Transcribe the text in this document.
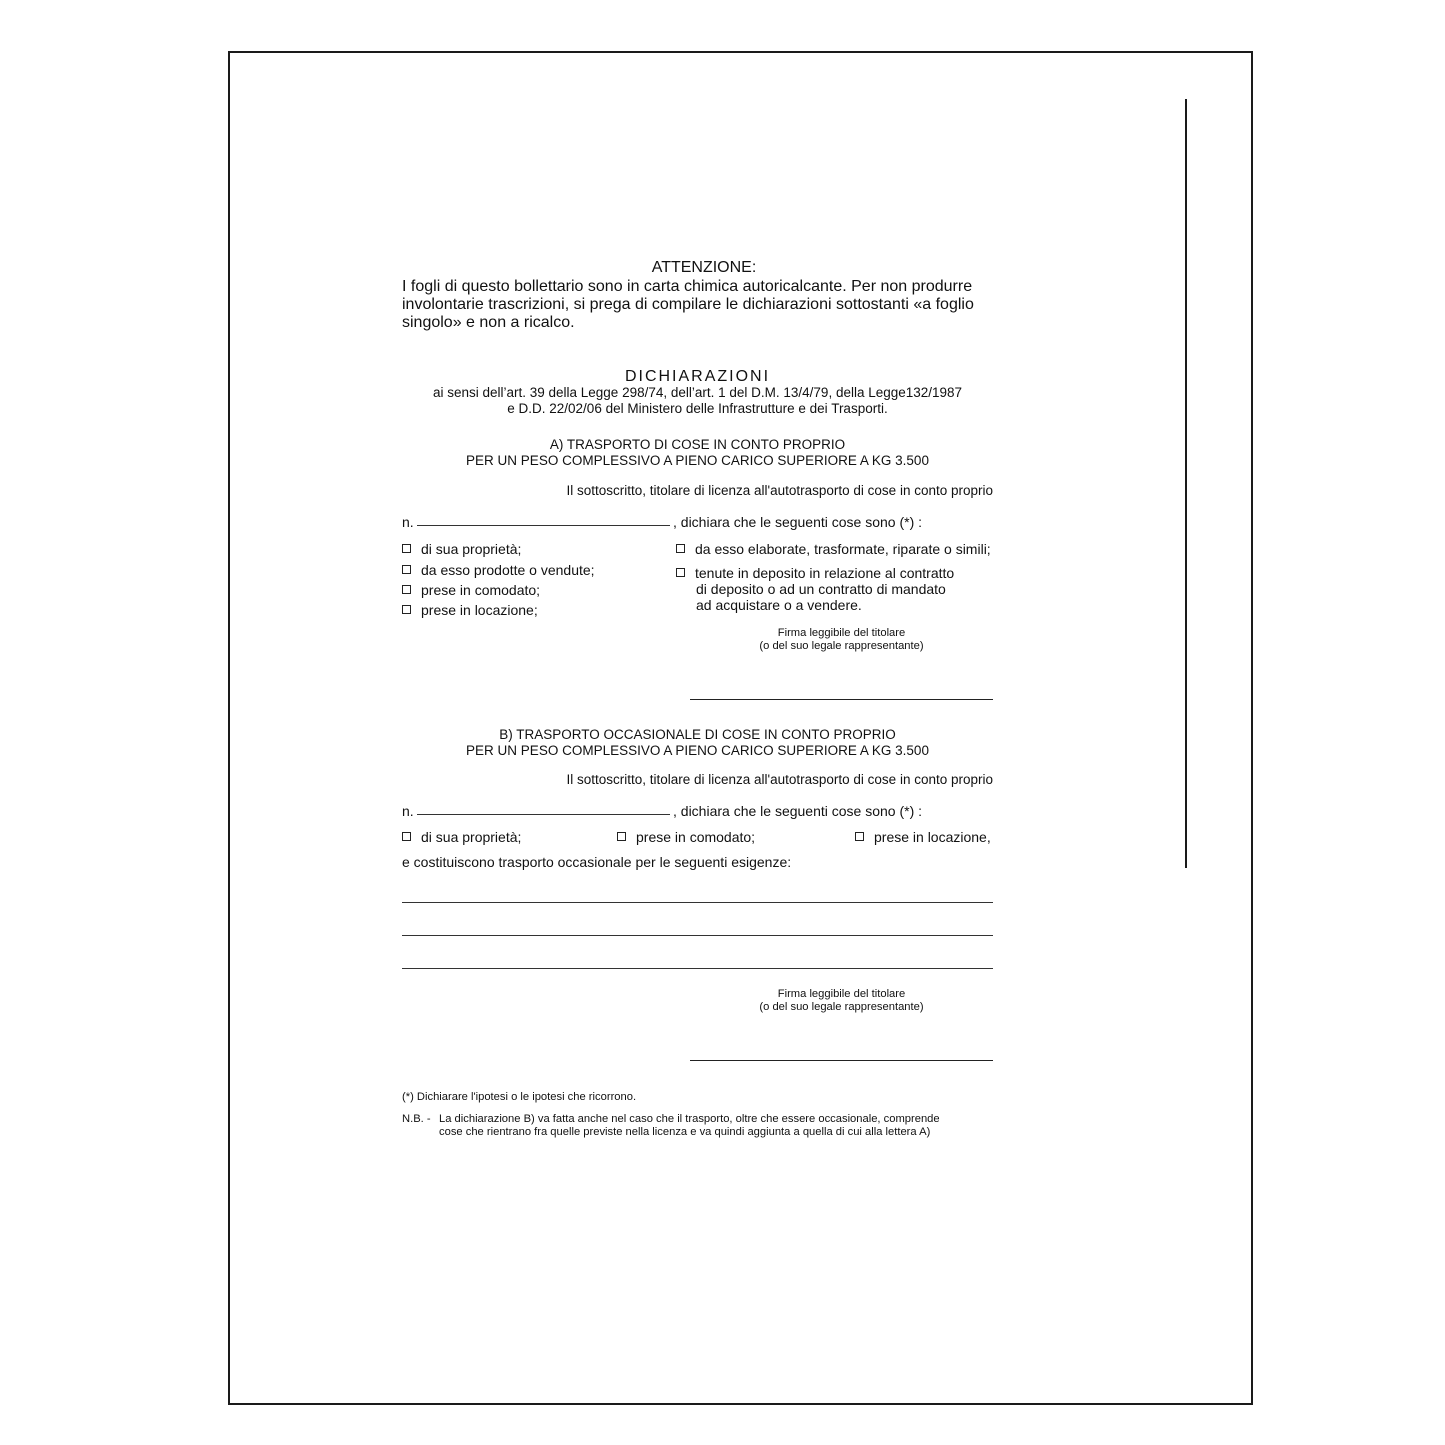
ATTENZIONE:
I fogli di questo bollettario sono in carta chimica autoricalcante. Per non produrre
involontarie trascrizioni, si prega di compilare le dichiarazioni sottostanti «a foglio
singolo» e non a ricalco.
DICHIARAZIONI
ai sensi dell’art. 39 della Legge 298/74, dell’art. 1 del D.M. 13/4/79, della Legge132/1987
e D.D. 22/02/06 del Ministero delle Infrastrutture e dei Trasporti.
A) TRASPORTO DI COSE IN CONTO PROPRIO
PER UN PESO COMPLESSIVO A PIENO CARICO SUPERIORE A KG 3.500
Il sottoscritto, titolare di licenza all'autotrasporto di cose in conto proprio
n.	, dichiara che le seguenti cose sono (*) :
di sua proprietà;
da esso prodotte o vendute;
prese in comodato;
prese in locazione;
da esso elaborate, trasformate, riparate o simili;
tenute in deposito in relazione al contratto
di deposito o ad un contratto di mandato
ad acquistare o a vendere.
Firma leggibile del titolare
(o del suo legale rappresentante)
B) TRASPORTO OCCASIONALE DI COSE IN CONTO PROPRIO
PER UN PESO COMPLESSIVO A PIENO CARICO SUPERIORE A KG 3.500
Il sottoscritto, titolare di licenza all'autotrasporto di cose in conto proprio
n.	, dichiara che le seguenti cose sono (*) :
di sua proprietà;	prese in comodato;	prese in locazione,
e costituiscono trasporto occasionale per le seguenti esigenze:
Firma leggibile del titolare
(o del suo legale rappresentante)
(*) Dichiarare l'ipotesi o le ipotesi che ricorrono.
N.B. - La dichiarazione B) va fatta anche nel caso che il trasporto, oltre che essere occasionale, comprende
cose che rientrano fra quelle previste nella licenza e va quindi aggiunta a quella di cui alla lettera A)
